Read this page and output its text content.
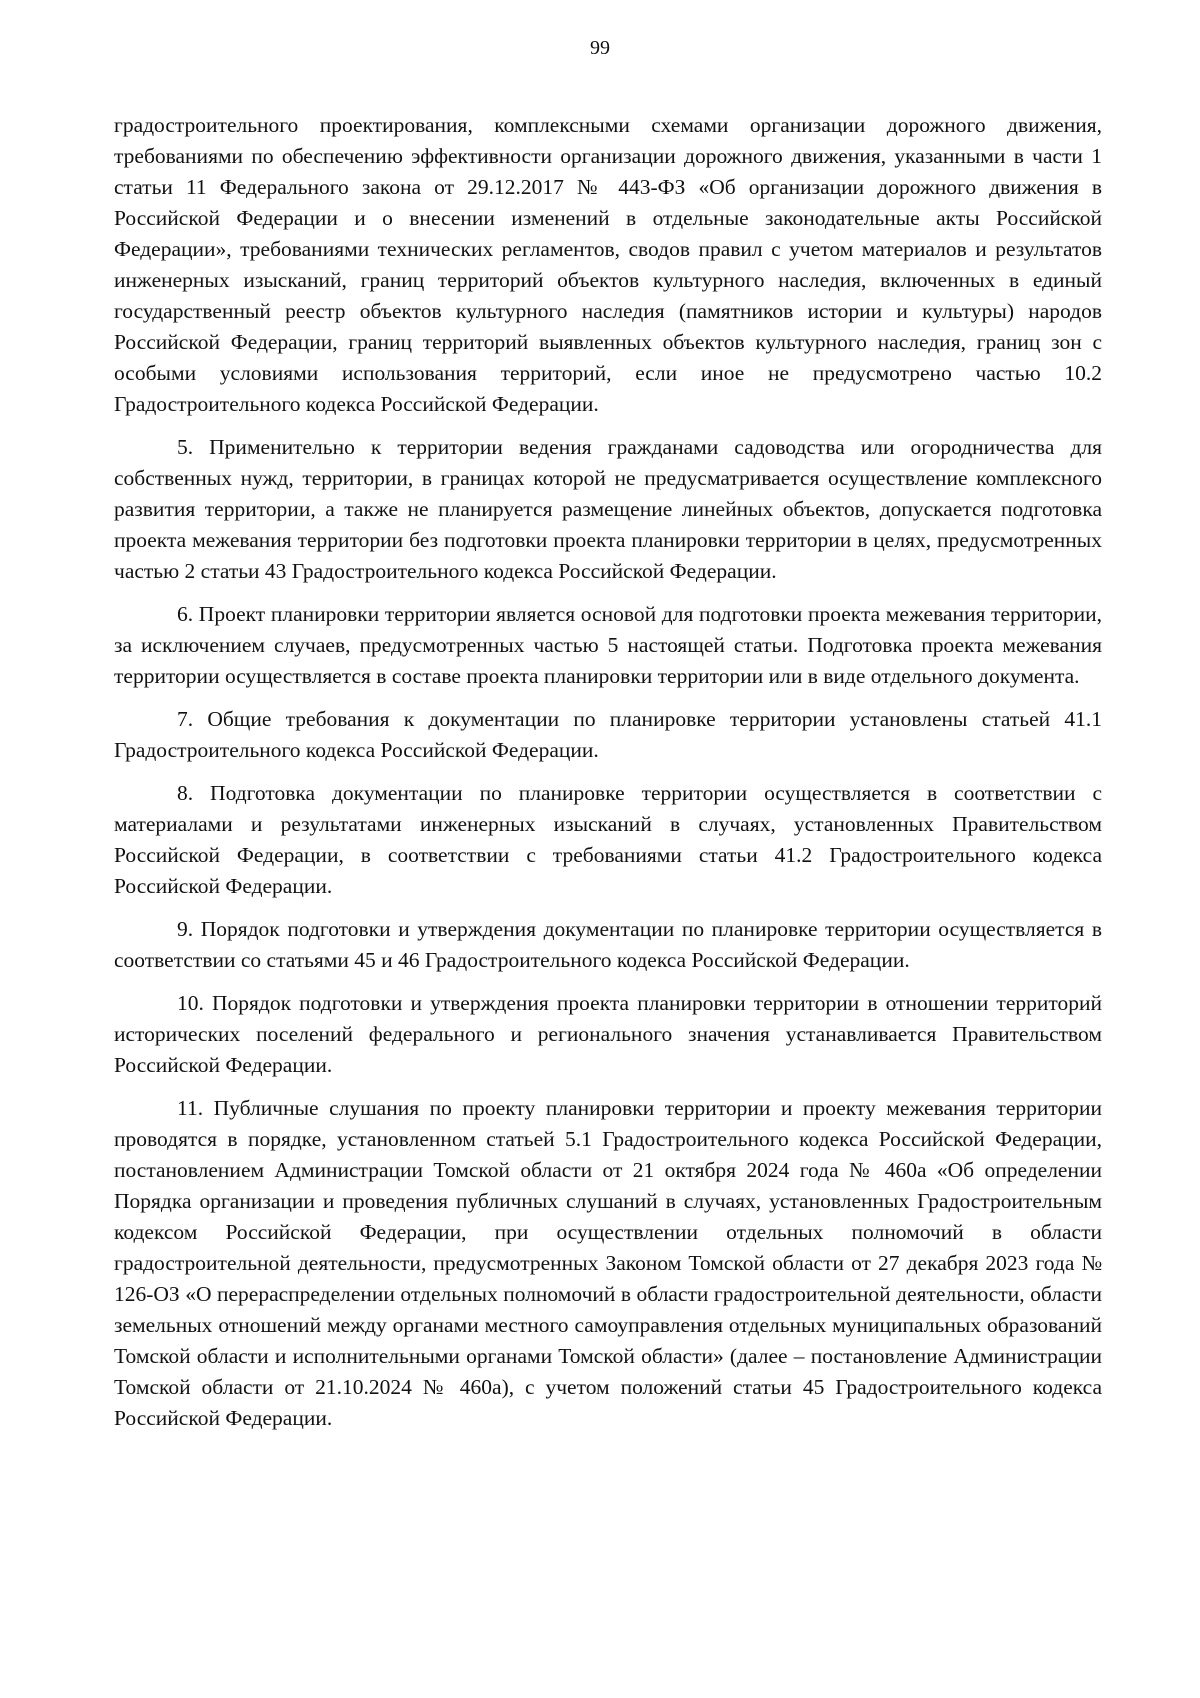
99

градостроительного проектирования, комплексными схемами организации дорожного движения, требованиями по обеспечению эффективности организации дорожного движения, указанными в части 1 статьи 11 Федерального закона от 29.12.2017 № 443-ФЗ «Об организации дорожного движения в Российской Федерации и о внесении изменений в отдельные законодательные акты Российской Федерации», требованиями технических регламентов, сводов правил с учетом материалов и результатов инженерных изысканий, границ территорий объектов культурного наследия, включенных в единый государственный реестр объектов культурного наследия (памятников истории и культуры) народов Российской Федерации, границ территорий выявленных объектов культурного наследия, границ зон с особыми условиями использования территорий, если иное не предусмотрено частью 10.2 Градостроительного кодекса Российской Федерации.

5. Применительно к территории ведения гражданами садоводства или огородничества для собственных нужд, территории, в границах которой не предусматривается осуществление комплексного развития территории, а также не планируется размещение линейных объектов, допускается подготовка проекта межевания территории без подготовки проекта планировки территории в целях, предусмотренных частью 2 статьи 43 Градостроительного кодекса Российской Федерации.

6. Проект планировки территории является основой для подготовки проекта межевания территории, за исключением случаев, предусмотренных частью 5 настоящей статьи. Подготовка проекта межевания территории осуществляется в составе проекта планировки территории или в виде отдельного документа.

7. Общие требования к документации по планировке территории установлены статьей 41.1 Градостроительного кодекса Российской Федерации.

8. Подготовка документации по планировке территории осуществляется в соответствии с материалами и результатами инженерных изысканий в случаях, установленных Правительством Российской Федерации, в соответствии с требованиями статьи 41.2 Градостроительного кодекса Российской Федерации.

9. Порядок подготовки и утверждения документации по планировке территории осуществляется в соответствии со статьями 45 и 46 Градостроительного кодекса Российской Федерации.

10. Порядок подготовки и утверждения проекта планировки территории в отношении территорий исторических поселений федерального и регионального значения устанавливается Правительством Российской Федерации.

11. Публичные слушания по проекту планировки территории и проекту межевания территории проводятся в порядке, установленном статьей 5.1 Градостроительного кодекса Российской Федерации, постановлением Администрации Томской области от 21 октября 2024 года № 460а «Об определении Порядка организации и проведения публичных слушаний в случаях, установленных Градостроительным кодексом Российской Федерации, при осуществлении отдельных полномочий в области градостроительной деятельности, предусмотренных Законом Томской области от 27 декабря 2023 года № 126-ОЗ «О перераспределении отдельных полномочий в области градостроительной деятельности, области земельных отношений между органами местного самоуправления отдельных муниципальных образований Томской области и исполнительными органами Томской области» (далее – постановление Администрации Томской области от 21.10.2024 № 460а), с учетом положений статьи 45 Градостроительного кодекса Российской Федерации.
